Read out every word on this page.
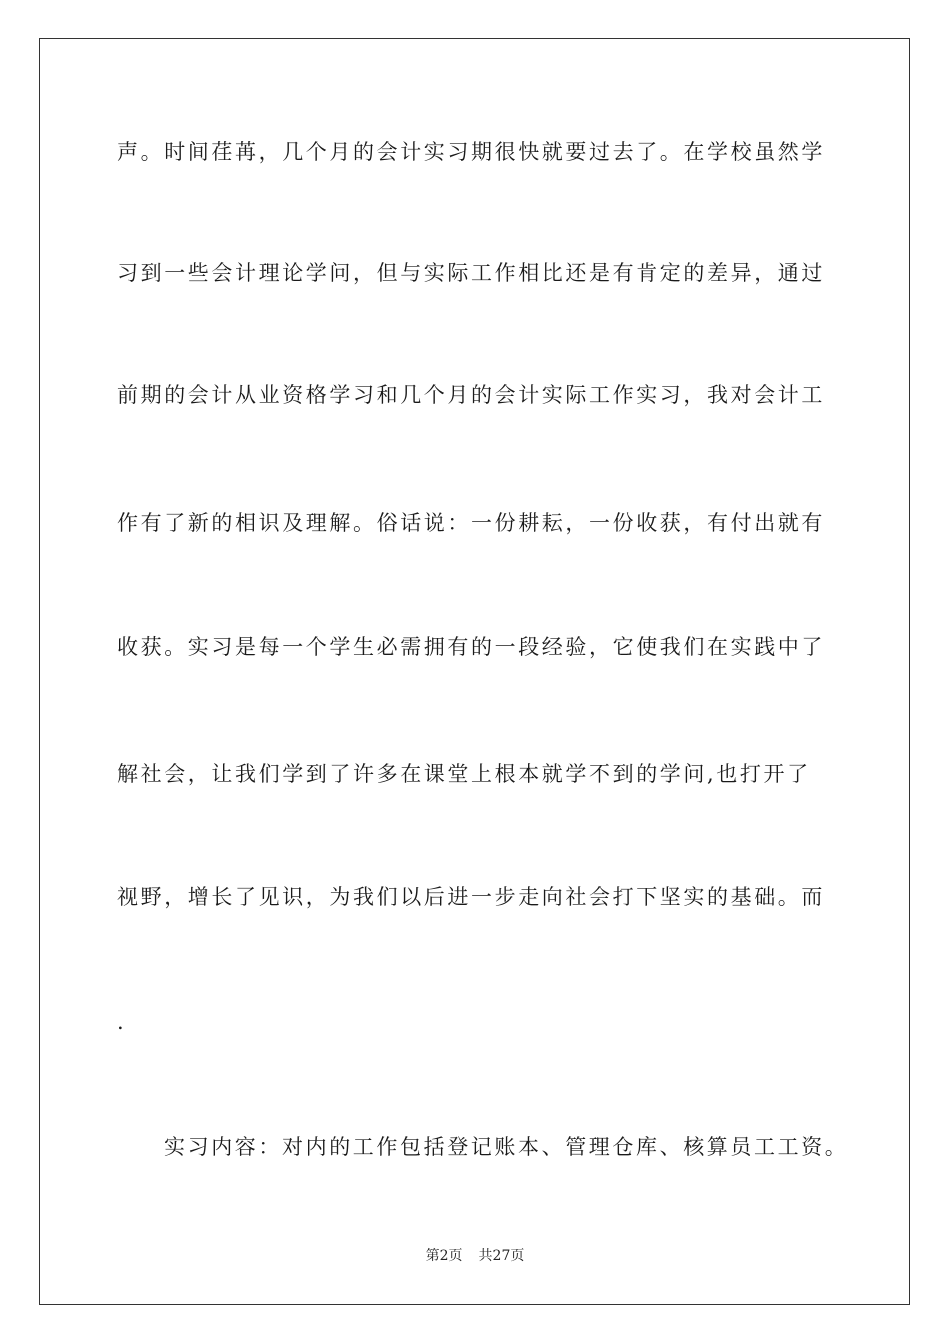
声。时间荏苒，几个月的会计实习期很快就要过去了。在学校虽然学

习到一些会计理论学问，但与实际工作相比还是有肯定的差异，通过

前期的会计从业资格学习和几个月的会计实际工作实习，我对会计工

作有了新的相识及理解。俗话说：一份耕耘，一份收获，有付出就有

收获。实习是每一个学生必需拥有的一段经验，它使我们在实践中了

解社会，让我们学到了许多在课堂上根本就学不到的学问,也打开了

视野，增长了见识，为我们以后进一步走向社会打下坚实的基础。而

.

实习内容：对内的工作包括登记账本、管理仓库、核算员工工资。

第2页 共27页
